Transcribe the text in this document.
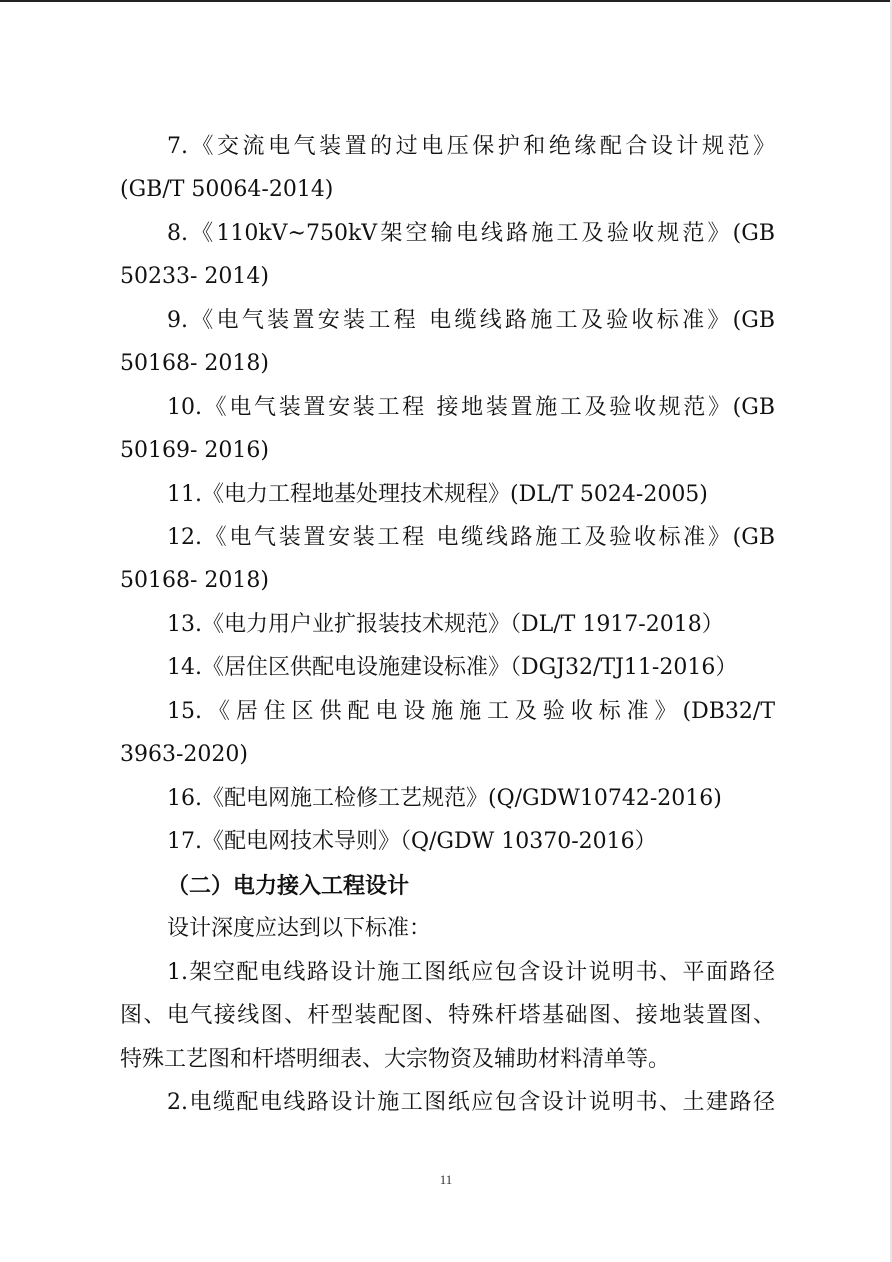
7.《交流电气装置的过电压保护和绝缘配合设计规范》
(GB/T 50064-2014)
8.《110kV~750kV架空输电线路施工及验收规范》(GB
50233- 2014)
9.《电气装置安装工程 电缆线路施工及验收标准》(GB
50168- 2018)
10.《电气装置安装工程 接地装置施工及验收规范》(GB
50169- 2016)
11.《电力工程地基处理技术规程》(DL/T 5024-2005)
12.《电气装置安装工程 电缆线路施工及验收标准》(GB
50168- 2018)
13.《电力用户业扩报装技术规范》（DL/T 1917-2018）
14.《居住区供配电设施建设标准》（DGJ32/TJ11-2016）
15.《居住区供配电设施施工及验收标准》(DB32/T
3963-2020)
16.《配电网施工检修工艺规范》(Q/GDW10742-2016)
17.《配电网技术导则》（Q/GDW 10370-2016）
（二）电力接入工程设计
设计深度应达到以下标准：
1.架空配电线路设计施工图纸应包含设计说明书、平面路径
图、电气接线图、杆型装配图、特殊杆塔基础图、接地装置图、
特殊工艺图和杆塔明细表、大宗物资及辅助材料清单等。
2.电缆配电线路设计施工图纸应包含设计说明书、土建路径
11
